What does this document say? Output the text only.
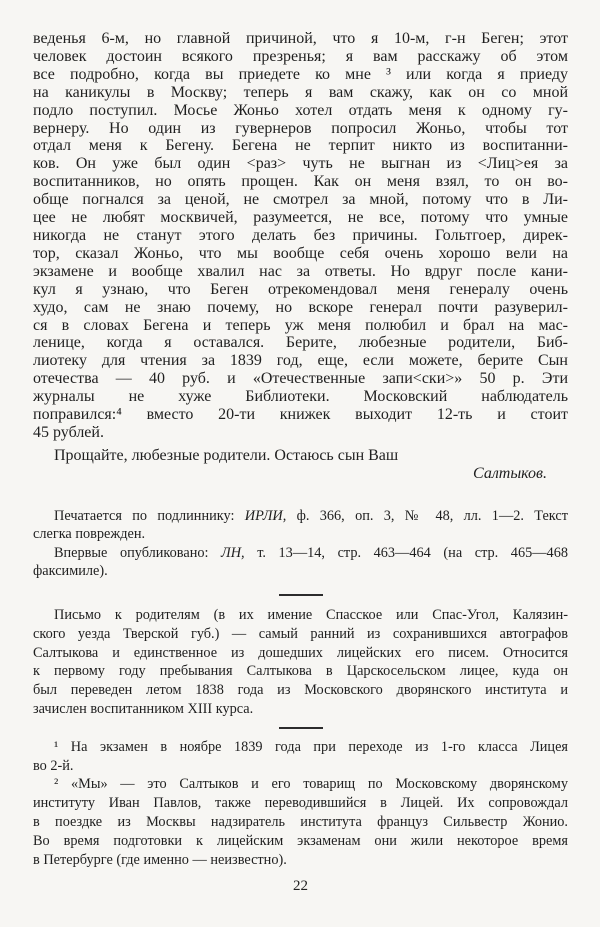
веденья 6-м, но главной причиной, что я 10-м, г-н Беген; этот
человек достоин всякого презренья; я вам расскажу об этом
все подробно, когда вы приедете ко мне ³ или когда я приеду
на каникулы в Москву; теперь я вам скажу, как он со мной
подло поступил. Мосье Жоньо хотел отдать меня к одному гу-
вернеру. Но один из гувернеров попросил Жоньо, чтобы тот
отдал меня к Бегену. Бегена не терпит никто из воспитанни-
ков. Он уже был один <раз> чуть не выгнан из <Лиц>ея за
воспитанников, но опять прощен. Как он меня взял, то он во-
обще погнался за ценой, не смотрел за мной, потому что в Ли-
цее не любят москвичей, разумеется, не все, потому что умные
никогда не станут этого делать без причины. Гольтгоер, дирек-
тор, сказал Жоньо, что мы вообще себя очень хорошо вели на
экзамене и вообще хвалил нас за ответы. Но вдруг после кани-
кул я узнаю, что Беген отрекомендовал меня генералу очень
худо, сам не знаю почему, но вскоре генерал почти разуверил-
ся в словах Бегена и теперь уж меня полюбил и брал на мас-
ленице, когда я оставался. Берите, любезные родители, Биб-
лиотеку для чтения за 1839 год, еще, если можете, берите Сын
отечества — 40 руб. и «Отечественные запи<ски>» 50 р. Эти
журналы не хуже Библиотеки. Московский наблюдатель
поправился:⁴ вместо 20-ти книжек выходит 12-ть и стоит
45 рублей.
Прощайте, любезные родители. Остаюсь сын Ваш
Салтыков.
Печатается по подлиннику: ИРЛИ, ф. 366, оп. 3, № 48, лл. 1—2. Текст
слегка поврежден.
Впервые опубликовано: ЛН, т. 13—14, стр. 463—464 (на стр. 465—468
факсимиле).
Письмо к родителям (в их имение Спасское или Спас-Угол, Калязин-
ского уезда Тверской губ.) — самый ранний из сохранившихся автографов
Салтыкова и единственное из дошедших лицейских его писем. Относится
к первому году пребывания Салтыкова в Царскосельском лицее, куда он
был переведен летом 1838 года из Московского дворянского института и
зачислен воспитанником XIII курса.
¹ На экзамен в ноябре 1839 года при переходе из 1-го класса Лицея
во 2-й.
² «Мы» — это Салтыков и его товарищ по Московскому дворянскому
институту Иван Павлов, также переводившийся в Лицей. Их сопровождал
в поездке из Москвы надзиратель института француз Сильвестр Жонио.
Во время подготовки к лицейским экзаменам они жили некоторое время
в Петербурге (где именно — неизвестно).
22
